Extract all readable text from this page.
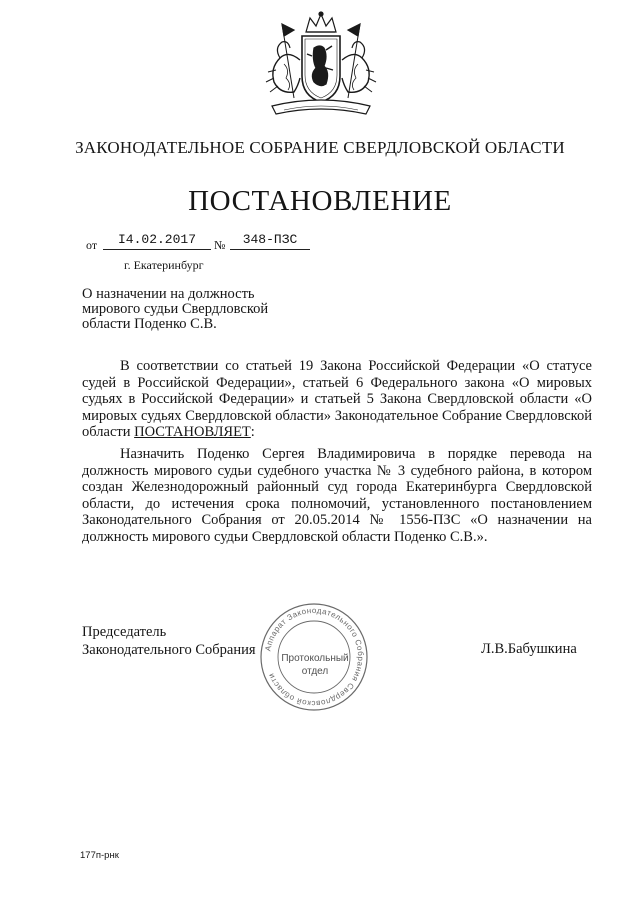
ЗАКОНОДАТЕЛЬНОЕ СОБРАНИЕ СВЕРДЛОВСКОЙ ОБЛАСТИ
ПОСТАНОВЛЕНИЕ
от	I4.02.2017	№	348-ПЗС
г. Екатеринбург
О назначении на должность
мирового судьи Свердловской
области Поденко С.В.
В соответствии со статьей 19 Закона Российской Федерации «О статусе судей в Российской Федерации», статьей 6 Федерального закона «О мировых судьях в Российской Федерации» и статьей 5 Закона Свердловской области «О мировых судьях Свердловской области» Законодательное Собрание Свердловской области ПОСТАНОВЛЯЕТ:
Назначить Поденко Сергея Владимировича в порядке перевода на должность мирового судьи судебного участка № 3 судебного района, в котором создан Железнодорожный районный суд города Екатеринбурга Свердловской области, до истечения срока полномочий, установленного постановлением Законодательного Собрания от 20.05.2014 № 1556-ПЗС «О назначении на должность мирового судьи Свердловской области Поденко С.В.».
Председатель
Законодательного Собрания	Л.В.Бабушкина
Аппарат Законодательного Собрания Свердловской области
Протокольный
отдел
177п-рнк
